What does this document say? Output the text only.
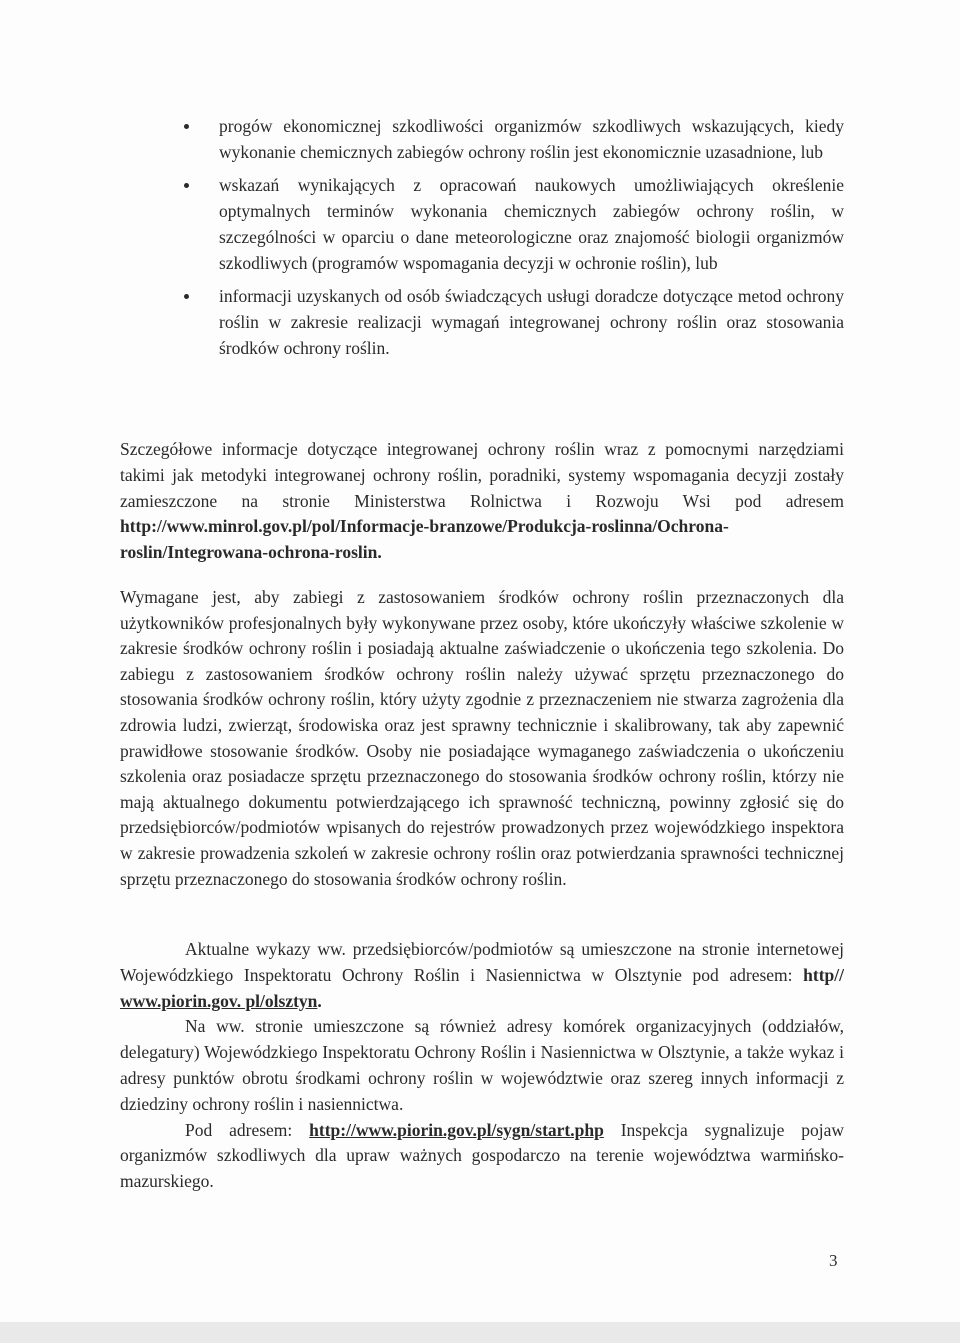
progów ekonomicznej szkodliwości organizmów szkodliwych wskazujących, kiedy wykonanie chemicznych zabiegów ochrony roślin jest ekonomicznie uzasadnione, lub
wskazań wynikających z opracowań naukowych umożliwiających określenie optymalnych terminów wykonania chemicznych zabiegów ochrony roślin, w szczególności w oparciu o dane meteorologiczne oraz znajomość biologii organizmów szkodliwych (programów wspomagania decyzji w ochronie roślin), lub
informacji uzyskanych od osób świadczących usługi doradcze dotyczące metod ochrony roślin w zakresie realizacji wymagań integrowanej ochrony roślin oraz stosowania środków ochrony roślin.

Szczegółowe informacje dotyczące integrowanej ochrony roślin wraz z pomocnymi narzędziami takimi jak metodyki integrowanej ochrony roślin, poradniki, systemy wspomagania decyzji zostały zamieszczone na stronie Ministerstwa Rolnictwa i Rozwoju Wsi pod adresem http://www.minrol.gov.pl/pol/Informacje-branzowe/Produkcja-roslinna/Ochrona-roslin/Integrowana-ochrona-roslin.

Wymagane jest, aby zabiegi z zastosowaniem środków ochrony roślin przeznaczonych dla użytkowników profesjonalnych były wykonywane przez osoby, które ukończyły właściwe szkolenie w zakresie środków ochrony roślin i posiadają aktualne zaświadczenie o ukończenia tego szkolenia. Do zabiegu z zastosowaniem środków ochrony roślin należy używać sprzętu przeznaczonego do stosowania środków ochrony roślin, który użyty zgodnie z przeznaczeniem nie stwarza zagrożenia dla zdrowia ludzi, zwierząt, środowiska oraz jest sprawny technicznie i skalibrowany, tak aby zapewnić prawidłowe stosowanie środków. Osoby nie posiadające wymaganego zaświadczenia o ukończeniu szkolenia oraz posiadacze sprzętu przeznaczonego do stosowania środków ochrony roślin, którzy nie mają aktualnego dokumentu potwierdzającego ich sprawność techniczną, powinny zgłosić się do przedsiębiorców/podmiotów wpisanych do rejestrów prowadzonych przez wojewódzkiego inspektora w zakresie prowadzenia szkoleń w zakresie ochrony roślin oraz potwierdzania sprawności technicznej sprzętu przeznaczonego do stosowania środków ochrony roślin.

Aktualne wykazy ww. przedsiębiorców/podmiotów są umieszczone na stronie internetowej Wojewódzkiego Inspektoratu Ochrony Roślin i Nasiennictwa w Olsztynie pod adresem: http// www.piorin.gov. pl/olsztyn.
Na ww. stronie umieszczone są również adresy komórek organizacyjnych (oddziałów, delegatury) Wojewódzkiego Inspektoratu Ochrony Roślin i Nasiennictwa w Olsztynie, a także wykaz i adresy punktów obrotu środkami ochrony roślin w województwie oraz szereg innych informacji z dziedziny ochrony roślin i nasiennictwa.
Pod adresem: http://www.piorin.gov.pl/sygn/start.php Inspekcja sygnalizuje pojaw organizmów szkodliwych dla upraw ważnych gospodarczo na terenie województwa warmińsko-mazurskiego.

3
